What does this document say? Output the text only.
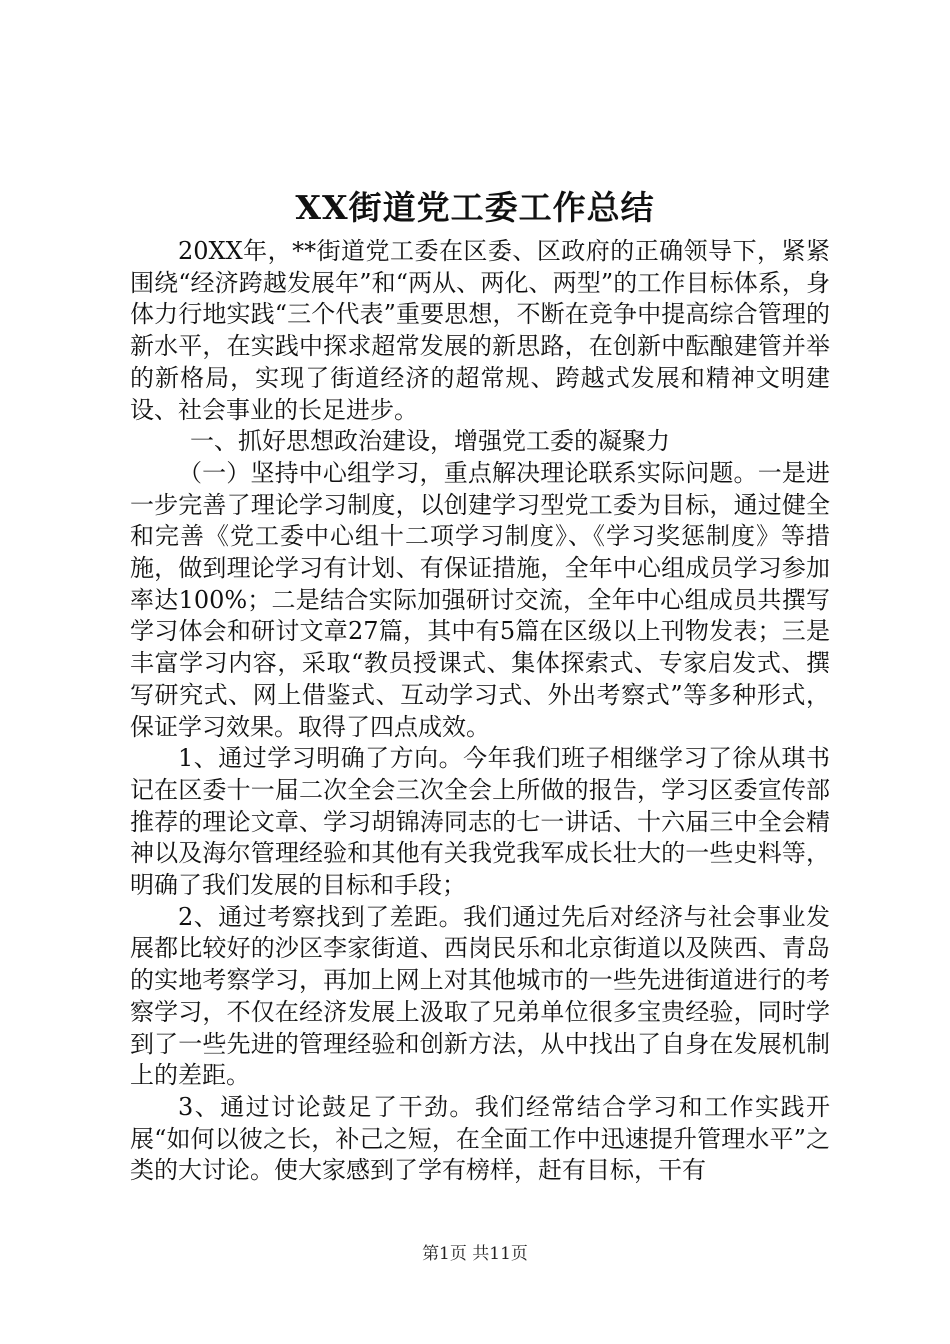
XX街道党工委工作总结

20XX年，**街道党工委在区委、区政府的正确领导下，紧紧围绕“经济跨越发展年”和“两从、两化、两型”的工作目标体系，身体力行地实践“三个代表”重要思想，不断在竞争中提高综合管理的新水平，在实践中探求超常发展的新思路，在创新中酝酿建管并举的新格局，实现了街道经济的超常规、跨越式发展和精神文明建设、社会事业的长足进步。

一、抓好思想政治建设，增强党工委的凝聚力

（一）坚持中心组学习，重点解决理论联系实际问题。一是进一步完善了理论学习制度，以创建学习型党工委为目标，通过健全和完善《党工委中心组十二项学习制度》、《学习奖惩制度》等措施，做到理论学习有计划、有保证措施，全年中心组成员学习参加率达100%；二是结合实际加强研讨交流，全年中心组成员共撰写学习体会和研讨文章27篇，其中有5篇在区级以上刊物发表；三是丰富学习内容，采取“教员授课式、集体探索式、专家启发式、撰写研究式、网上借鉴式、互动学习式、外出考察式”等多种形式，保证学习效果。取得了四点成效。

1、通过学习明确了方向。今年我们班子相继学习了徐从琪书记在区委十一届二次全会三次全会上所做的报告，学习区委宣传部推荐的理论文章、学习胡锦涛同志的七一讲话、十六届三中全会精神以及海尔管理经验和其他有关我党我军成长壮大的一些史料等，明确了我们发展的目标和手段；

2、通过考察找到了差距。我们通过先后对经济与社会事业发展都比较好的沙区李家街道、西岗民乐和北京街道以及陕西、青岛的实地考察学习，再加上网上对其他城市的一些先进街道进行的考察学习，不仅在经济发展上汲取了兄弟单位很多宝贵经验，同时学到了一些先进的管理经验和创新方法，从中找出了自身在发展机制上的差距。

3、通过讨论鼓足了干劲。我们经常结合学习和工作实践开展“如何以彼之长，补己之短，在全面工作中迅速提升管理水平”之类的大讨论。使大家感到了学有榜样，赶有目标，干有

第1页 共11页
